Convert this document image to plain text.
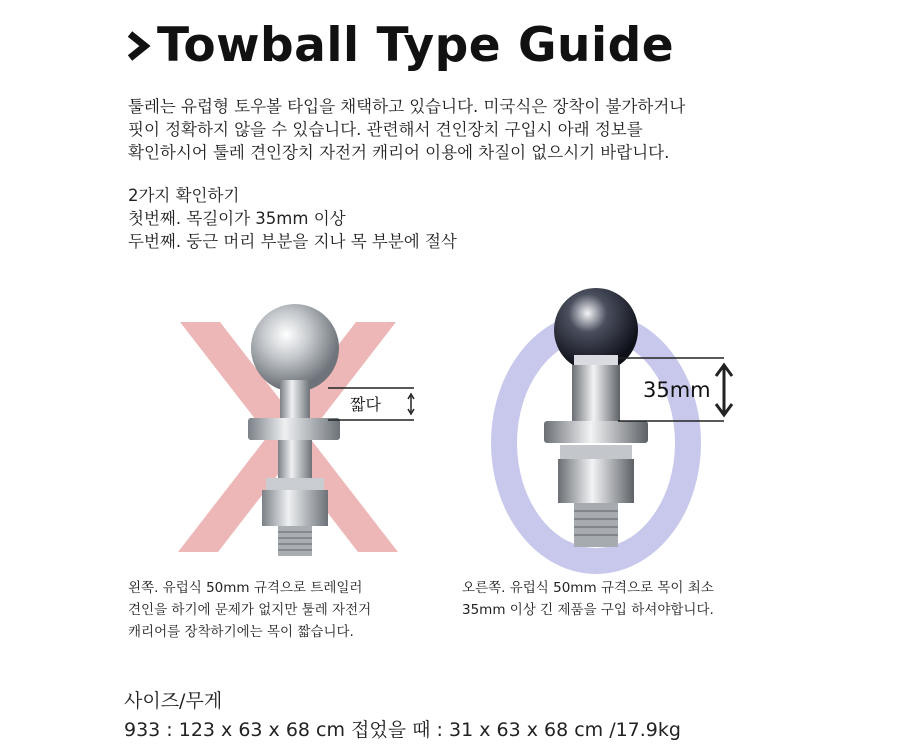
Towball Type Guide

툴레는 유럽형 토우볼 타입을 채택하고 있습니다. 미국식은 장착이 불가하거나

핏이 정확하지 않을 수 있습니다. 관련해서 견인장치 구입시 아래 정보를

확인하시어 툴레 견인장치 자전거 캐리어 이용에 차질이 없으시기 바랍니다.

2가지 확인하기

첫번째. 목길이가 35mm 이상

두번째. 둥근 머리 부분을 지나 목 부분에 절삭

짧다
35mm

왼쪽. 유럽식 50mm 규격으로 트레일러

견인을 하기에 문제가 없지만 툴레 자전거

캐리어를 장착하기에는 목이 짧습니다.

오른쪽. 유럽식 50mm 규격으로 목이 최소

35mm 이상 긴 제품을 구입 하셔야합니다.

사이즈/무게
933 : 123 x 63 x 68 cm 접었을 때 : 31 x 63 x 68 cm /17.9kg
